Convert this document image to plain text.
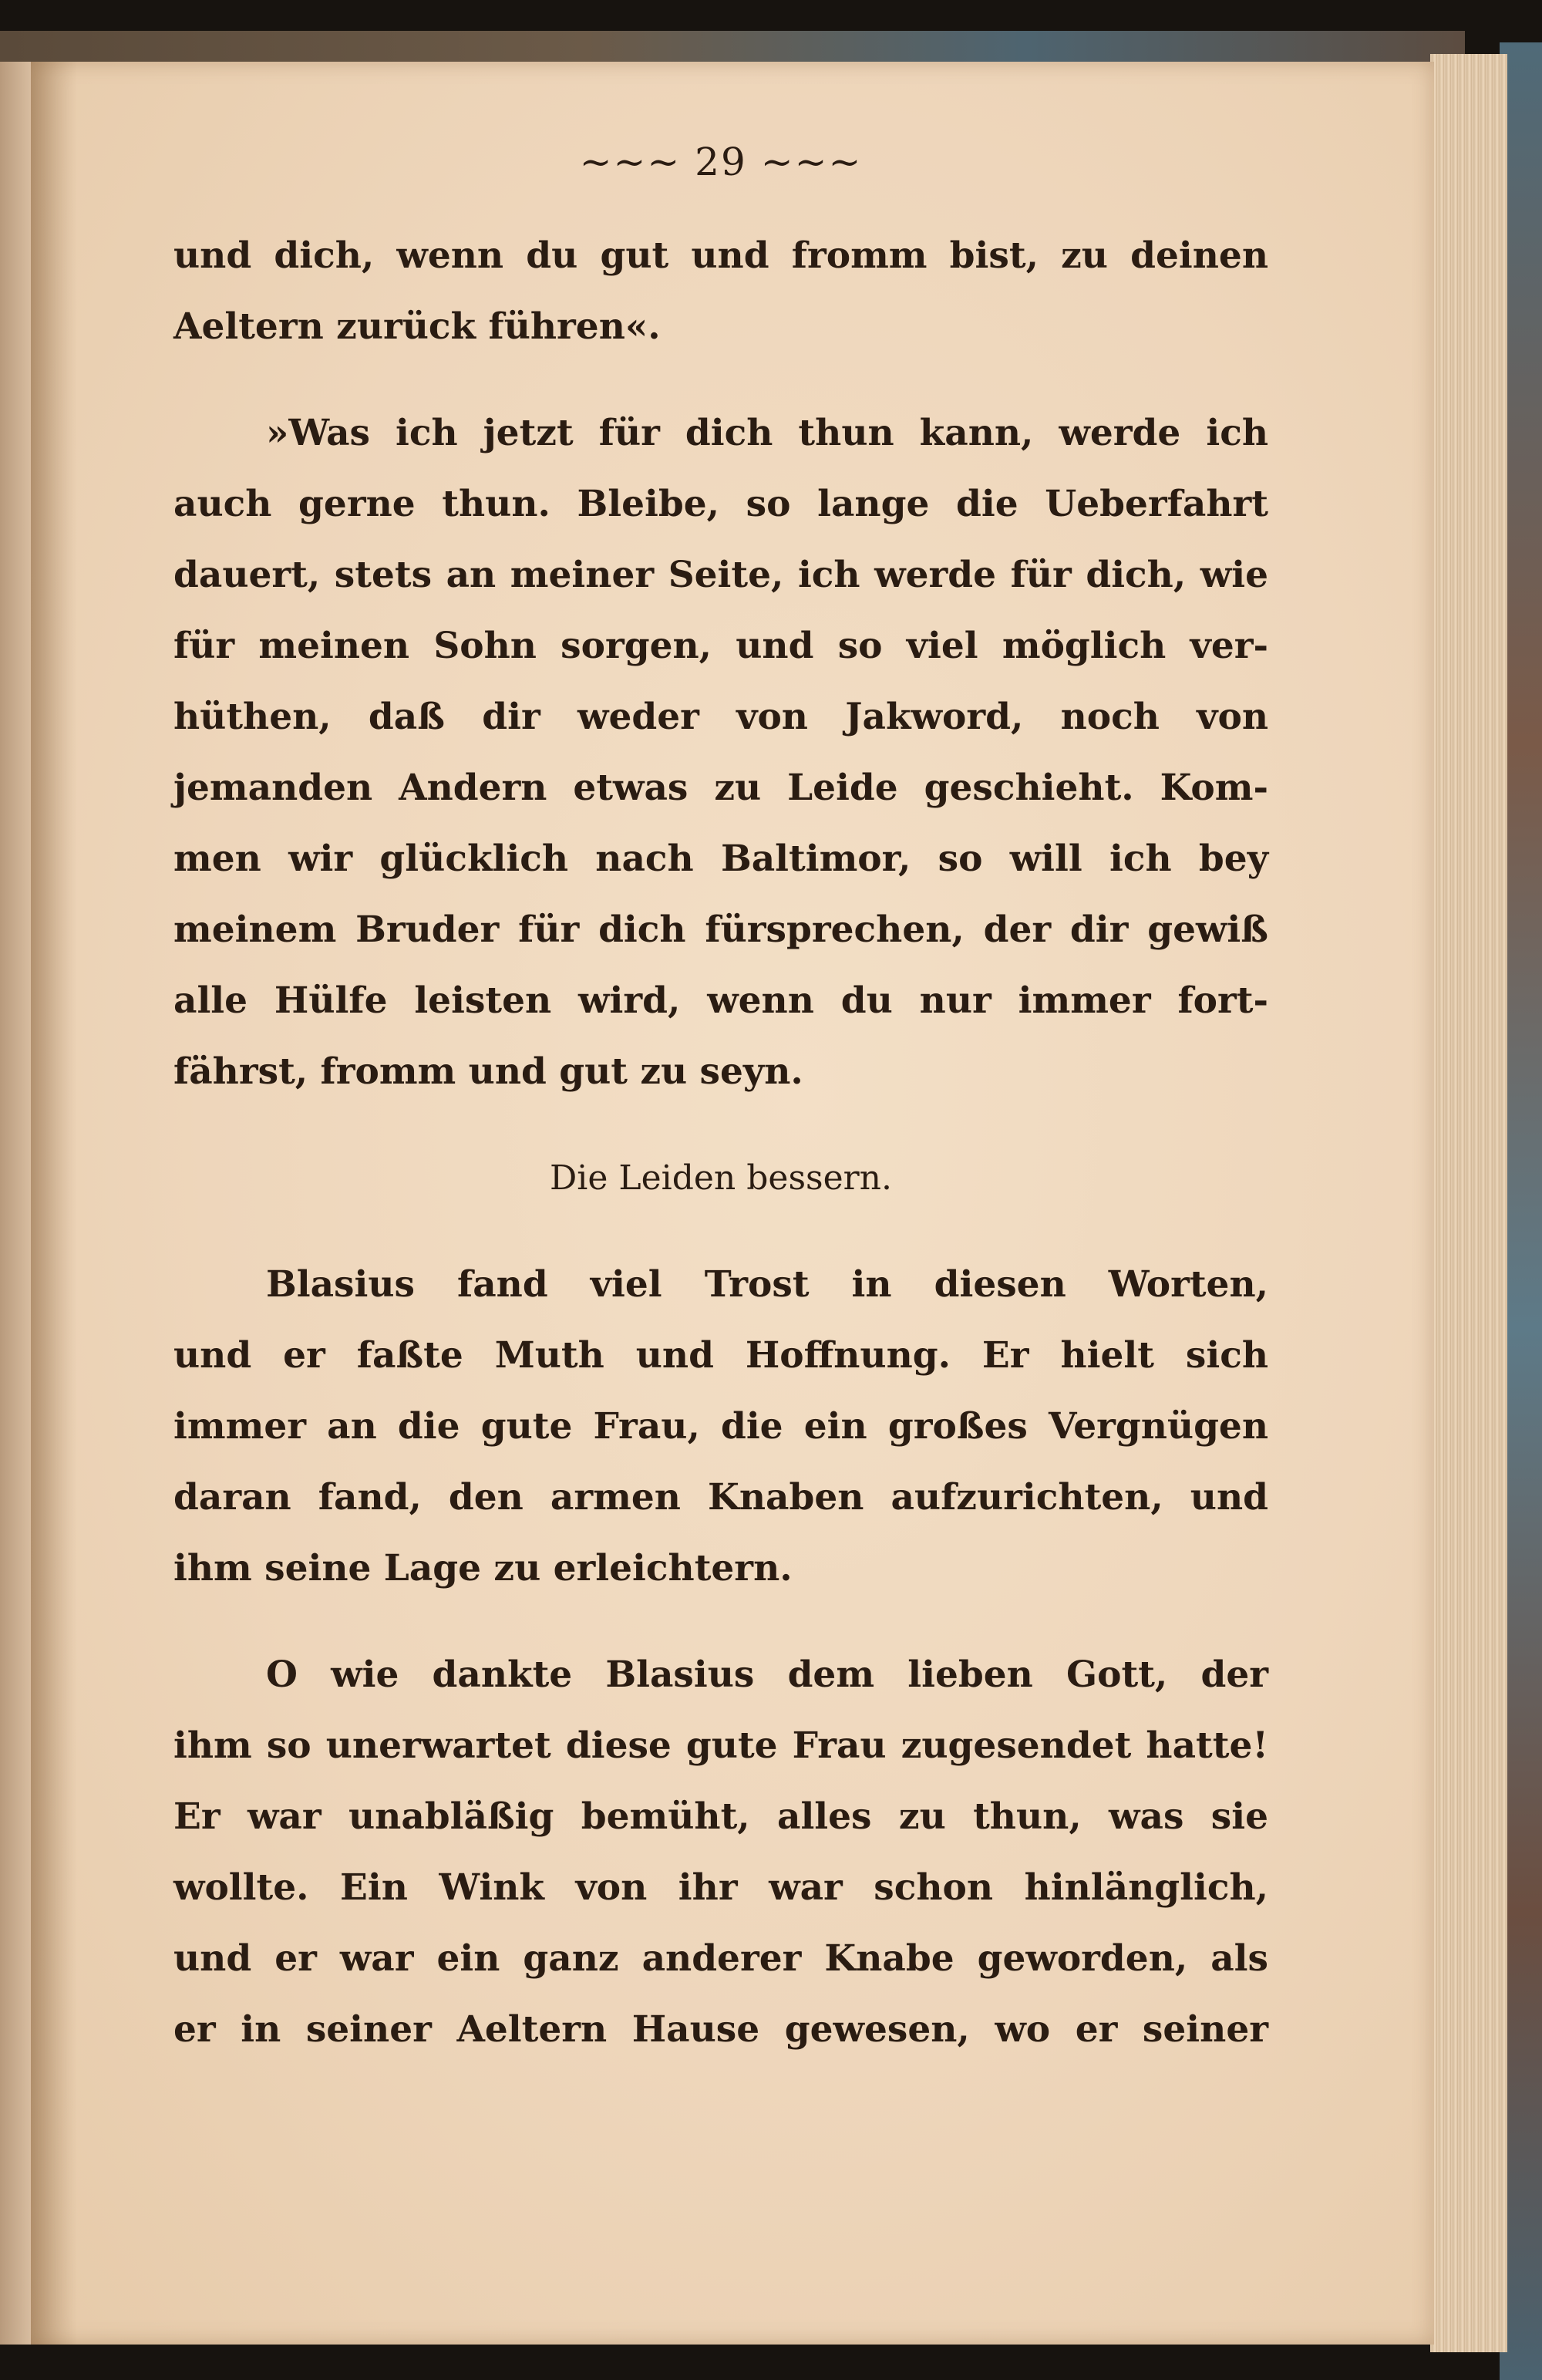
~~~ 29 ~~~
und dich, wenn du gut und fromm bist, zu deinen
Aeltern zurück führen«.
»Was ich jetzt für dich thun kann, werde ich
auch gerne thun. Bleibe, so lange die Ueberfahrt
dauert, stets an meiner Seite, ich werde für dich, wie
für meinen Sohn sorgen, und so viel möglich ver-
hüthen, daß dir weder von Jakword, noch von
jemanden Andern etwas zu Leide geschieht. Kom-
men wir glücklich nach Baltimor, so will ich bey
meinem Bruder für dich fürsprechen, der dir gewiß
alle Hülfe leisten wird, wenn du nur immer fort-
fährst, fromm und gut zu seyn.
Die Leiden bessern.
Blasius fand viel Trost in diesen Worten,
und er faßte Muth und Hoffnung. Er hielt sich
immer an die gute Frau, die ein großes Vergnügen
daran fand, den armen Knaben aufzurichten, und
ihm seine Lage zu erleichtern.
O wie dankte Blasius dem lieben Gott, der
ihm so unerwartet diese gute Frau zugesendet hatte!
Er war unabläßig bemüht, alles zu thun, was sie
wollte. Ein Wink von ihr war schon hinlänglich,
und er war ein ganz anderer Knabe geworden, als
er in seiner Aeltern Hause gewesen, wo er seiner
